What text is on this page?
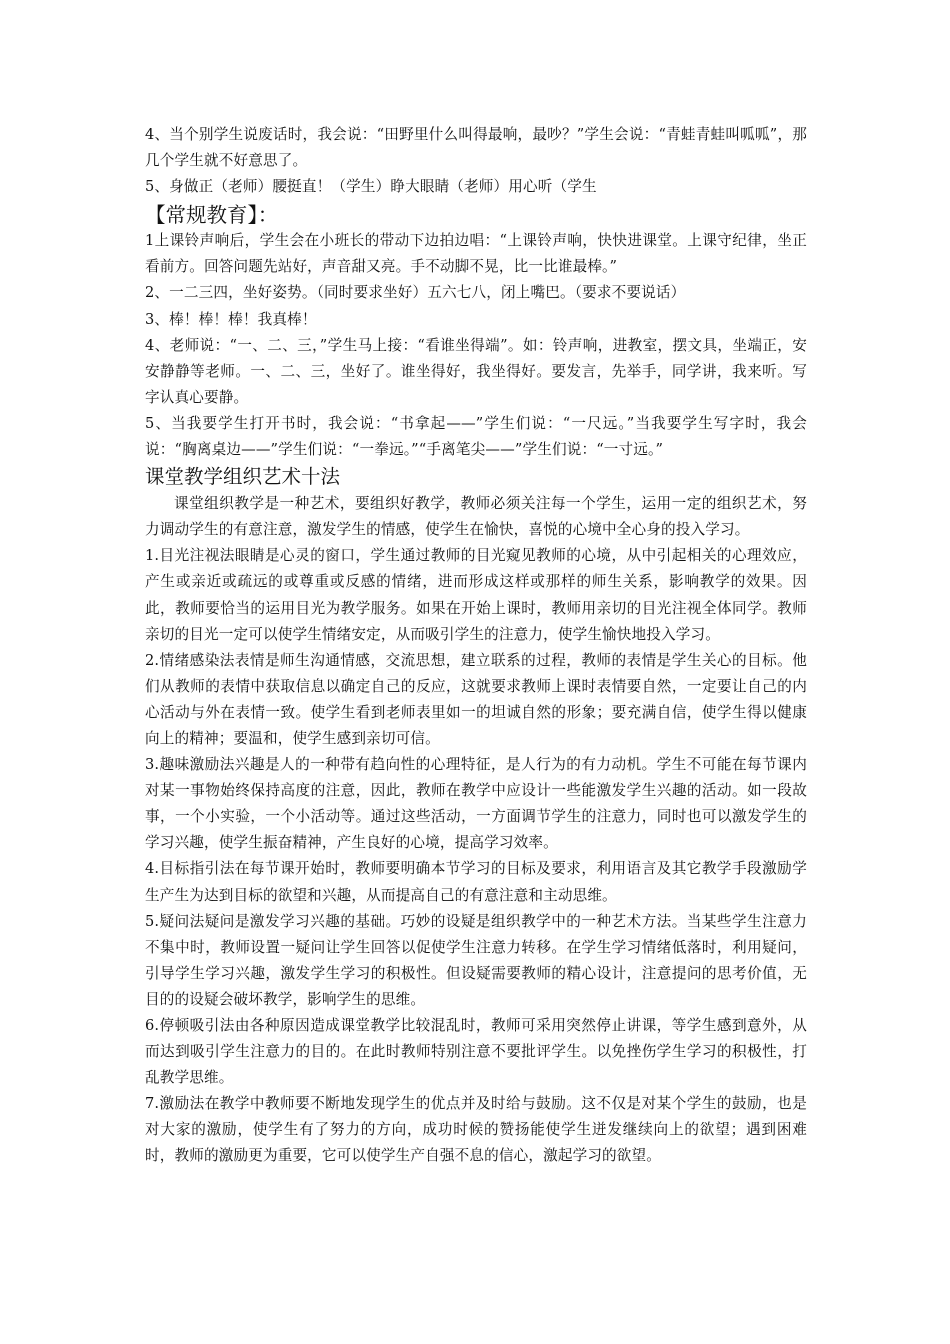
4、当个别学生说废话时，我会说：“田野里什么叫得最响，最吵？”学生会说：“青蛙青蛙叫呱呱”，那几个学生就不好意思了。

5、身做正（老师）腰挺直！（学生）睁大眼睛（老师）用心听（学生

【常规教育】：

1上课铃声响后，学生会在小班长的带动下边拍边唱：“上课铃声响，快快进课堂。上课守纪律，坐正看前方。回答问题先站好，声音甜又亮。手不动脚不晃，比一比谁最棒。”

2、一二三四，坐好姿势。（同时要求坐好）五六七八，闭上嘴巴。（要求不要说话）

3、棒！棒！棒！我真棒！

4、老师说：“一、二、三，”学生马上接：“看谁坐得端”。如：铃声响，进教室，摆文具，坐端正，安安静静等老师。一、二、三，坐好了。谁坐得好，我坐得好。要发言，先举手，同学讲，我来听。写字认真心要静。

5、当我要学生打开书时，我会说：“书拿起——”学生们说：“一尺远。”当我要学生写字时，我会说：“胸离桌边——”学生们说：“一拳远。”“手离笔尖——”学生们说：“一寸远。”

课堂教学组织艺术十法

课堂组织教学是一种艺术，要组织好教学，教师必须关注每一个学生，运用一定的组织艺术，努力调动学生的有意注意，激发学生的情感，使学生在愉快，喜悦的心境中全心身的投入学习。

1.目光注视法眼睛是心灵的窗口，学生通过教师的目光窥见教师的心境，从中引起相关的心理效应，产生或亲近或疏远的或尊重或反感的情绪，进而形成这样或那样的师生关系，影响教学的效果。因此，教师要恰当的运用目光为教学服务。如果在开始上课时，教师用亲切的目光注视全体同学。教师亲切的目光一定可以使学生情绪安定，从而吸引学生的注意力，使学生愉快地投入学习。

2.情绪感染法表情是师生沟通情感，交流思想，建立联系的过程，教师的表情是学生关心的目标。他们从教师的表情中获取信息以确定自己的反应，这就要求教师上课时表情要自然，一定要让自己的内心活动与外在表情一致。使学生看到老师表里如一的坦诚自然的形象；要充满自信，使学生得以健康向上的精神；要温和，使学生感到亲切可信。

3.趣味激励法兴趣是人的一种带有趋向性的心理特征，是人行为的有力动机。学生不可能在每节课内对某一事物始终保持高度的注意，因此，教师在教学中应设计一些能激发学生兴趣的活动。如一段故事，一个小实验，一个小活动等。通过这些活动，一方面调节学生的注意力，同时也可以激发学生的学习兴趣，使学生振奋精神，产生良好的心境，提高学习效率。

4.目标指引法在每节课开始时，教师要明确本节学习的目标及要求，利用语言及其它教学手段激励学生产生为达到目标的欲望和兴趣，从而提高自己的有意注意和主动思维。

5.疑问法疑问是激发学习兴趣的基础。巧妙的设疑是组织教学中的一种艺术方法。当某些学生注意力不集中时，教师设置一疑问让学生回答以促使学生注意力转移。在学生学习情绪低落时，利用疑问，引导学生学习兴趣，激发学生学习的积极性。但设疑需要教师的精心设计，注意提问的思考价值，无目的的设疑会破坏教学，影响学生的思维。

6.停顿吸引法由各种原因造成课堂教学比较混乱时，教师可采用突然停止讲课，等学生感到意外，从而达到吸引学生注意力的目的。在此时教师特别注意不要批评学生。以免挫伤学生学习的积极性，打乱教学思维。

7.激励法在教学中教师要不断地发现学生的优点并及时给与鼓励。这不仅是对某个学生的鼓励，也是对大家的激励，使学生有了努力的方向，成功时候的赞扬能使学生迸发继续向上的欲望；遇到困难时，教师的激励更为重要，它可以使学生产自强不息的信心，激起学习的欲望。
